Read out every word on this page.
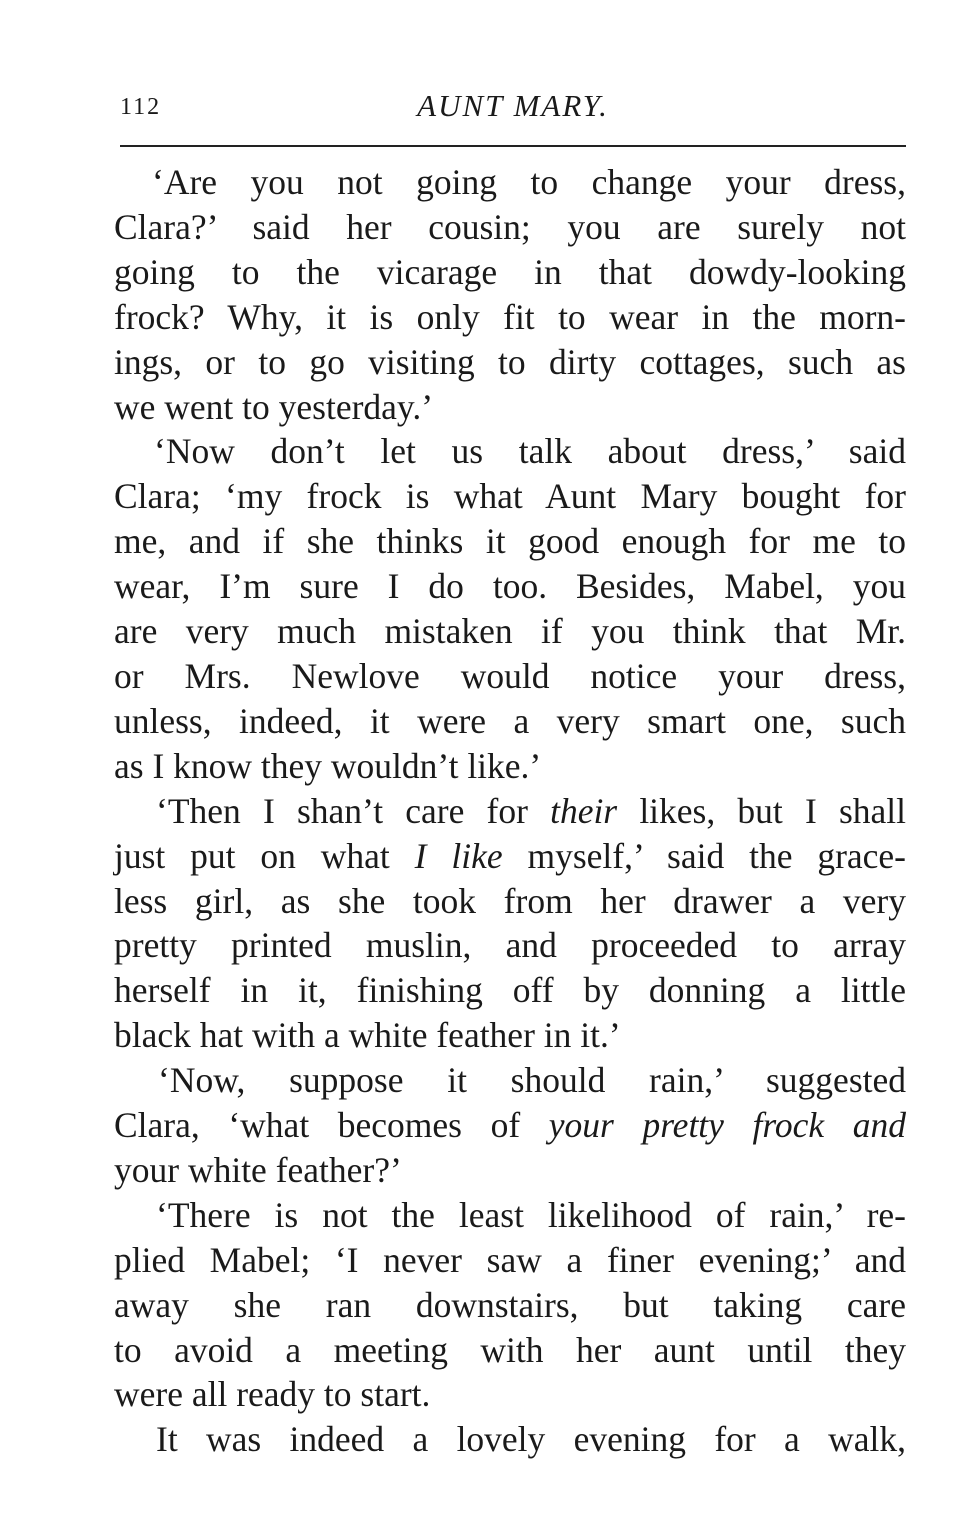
112	AUNT MARY.
‘Are you not going to change your dress,
Clara?’ said her cousin; you are surely not
going to the vicarage in that dowdy-looking
frock? Why, it is only fit to wear in the morn-
ings, or to go visiting to dirty cottages, such as
we went to yesterday.’
‘Now don’t let us talk about dress,’ said
Clara; ‘my frock is what Aunt Mary bought for
me, and if she thinks it good enough for me to
wear, I’m sure I do too. Besides, Mabel, you
are very much mistaken if you think that Mr.
or Mrs. Newlove would notice your dress,
unless, indeed, it were a very smart one, such
as I know they wouldn’t like.’
‘Then I shan’t care for their likes, but I shall
just put on what I like myself,’ said the grace-
less girl, as she took from her drawer a very
pretty printed muslin, and proceeded to array
herself in it, finishing off by donning a little
black hat with a white feather in it.’
‘Now, suppose it should rain,’ suggested
Clara, ‘what becomes of your pretty frock and
your white feather?’
‘There is not the least likelihood of rain,’ re-
plied Mabel; ‘I never saw a finer evening;’ and
away she ran downstairs, but taking care
to avoid a meeting with her aunt until they
were all ready to start.
It was indeed a lovely evening for a walk,
